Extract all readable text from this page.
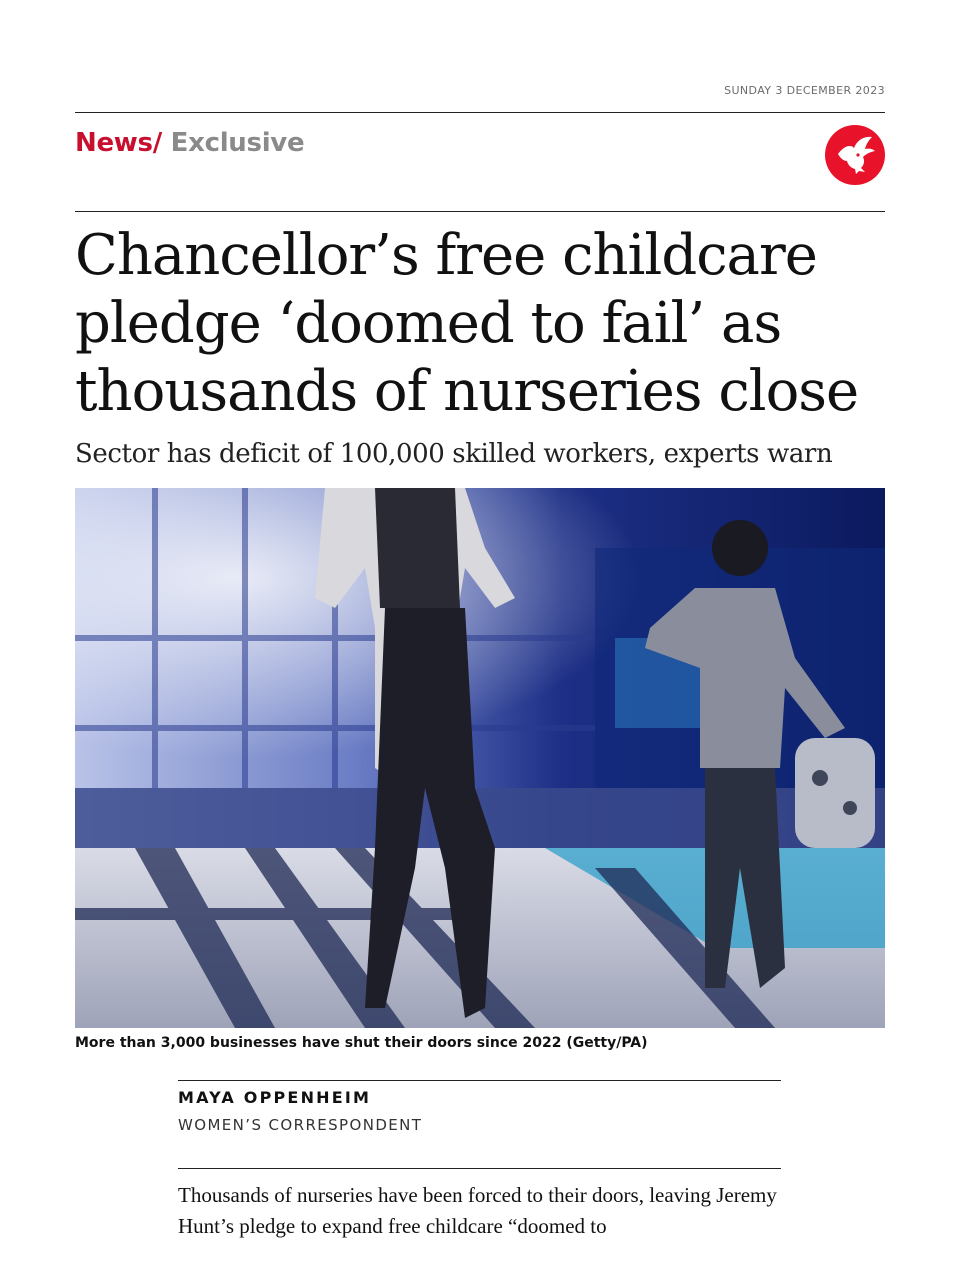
SUNDAY 3 DECEMBER 2023
News/ Exclusive
Chancellor’s free childcare pledge ‘doomed to fail’ as thousands of nurseries close

Sector has deficit of 100,000 skilled workers, experts warn

More than 3,000 businesses have shut their doors since 2022 (Getty/PA)
MAYA OPPENHEIM
WOMEN’S CORRESPONDENT

Thousands of nurseries have been forced to their doors, leaving Jeremy Hunt’s pledge to expand free childcare “doomed to
